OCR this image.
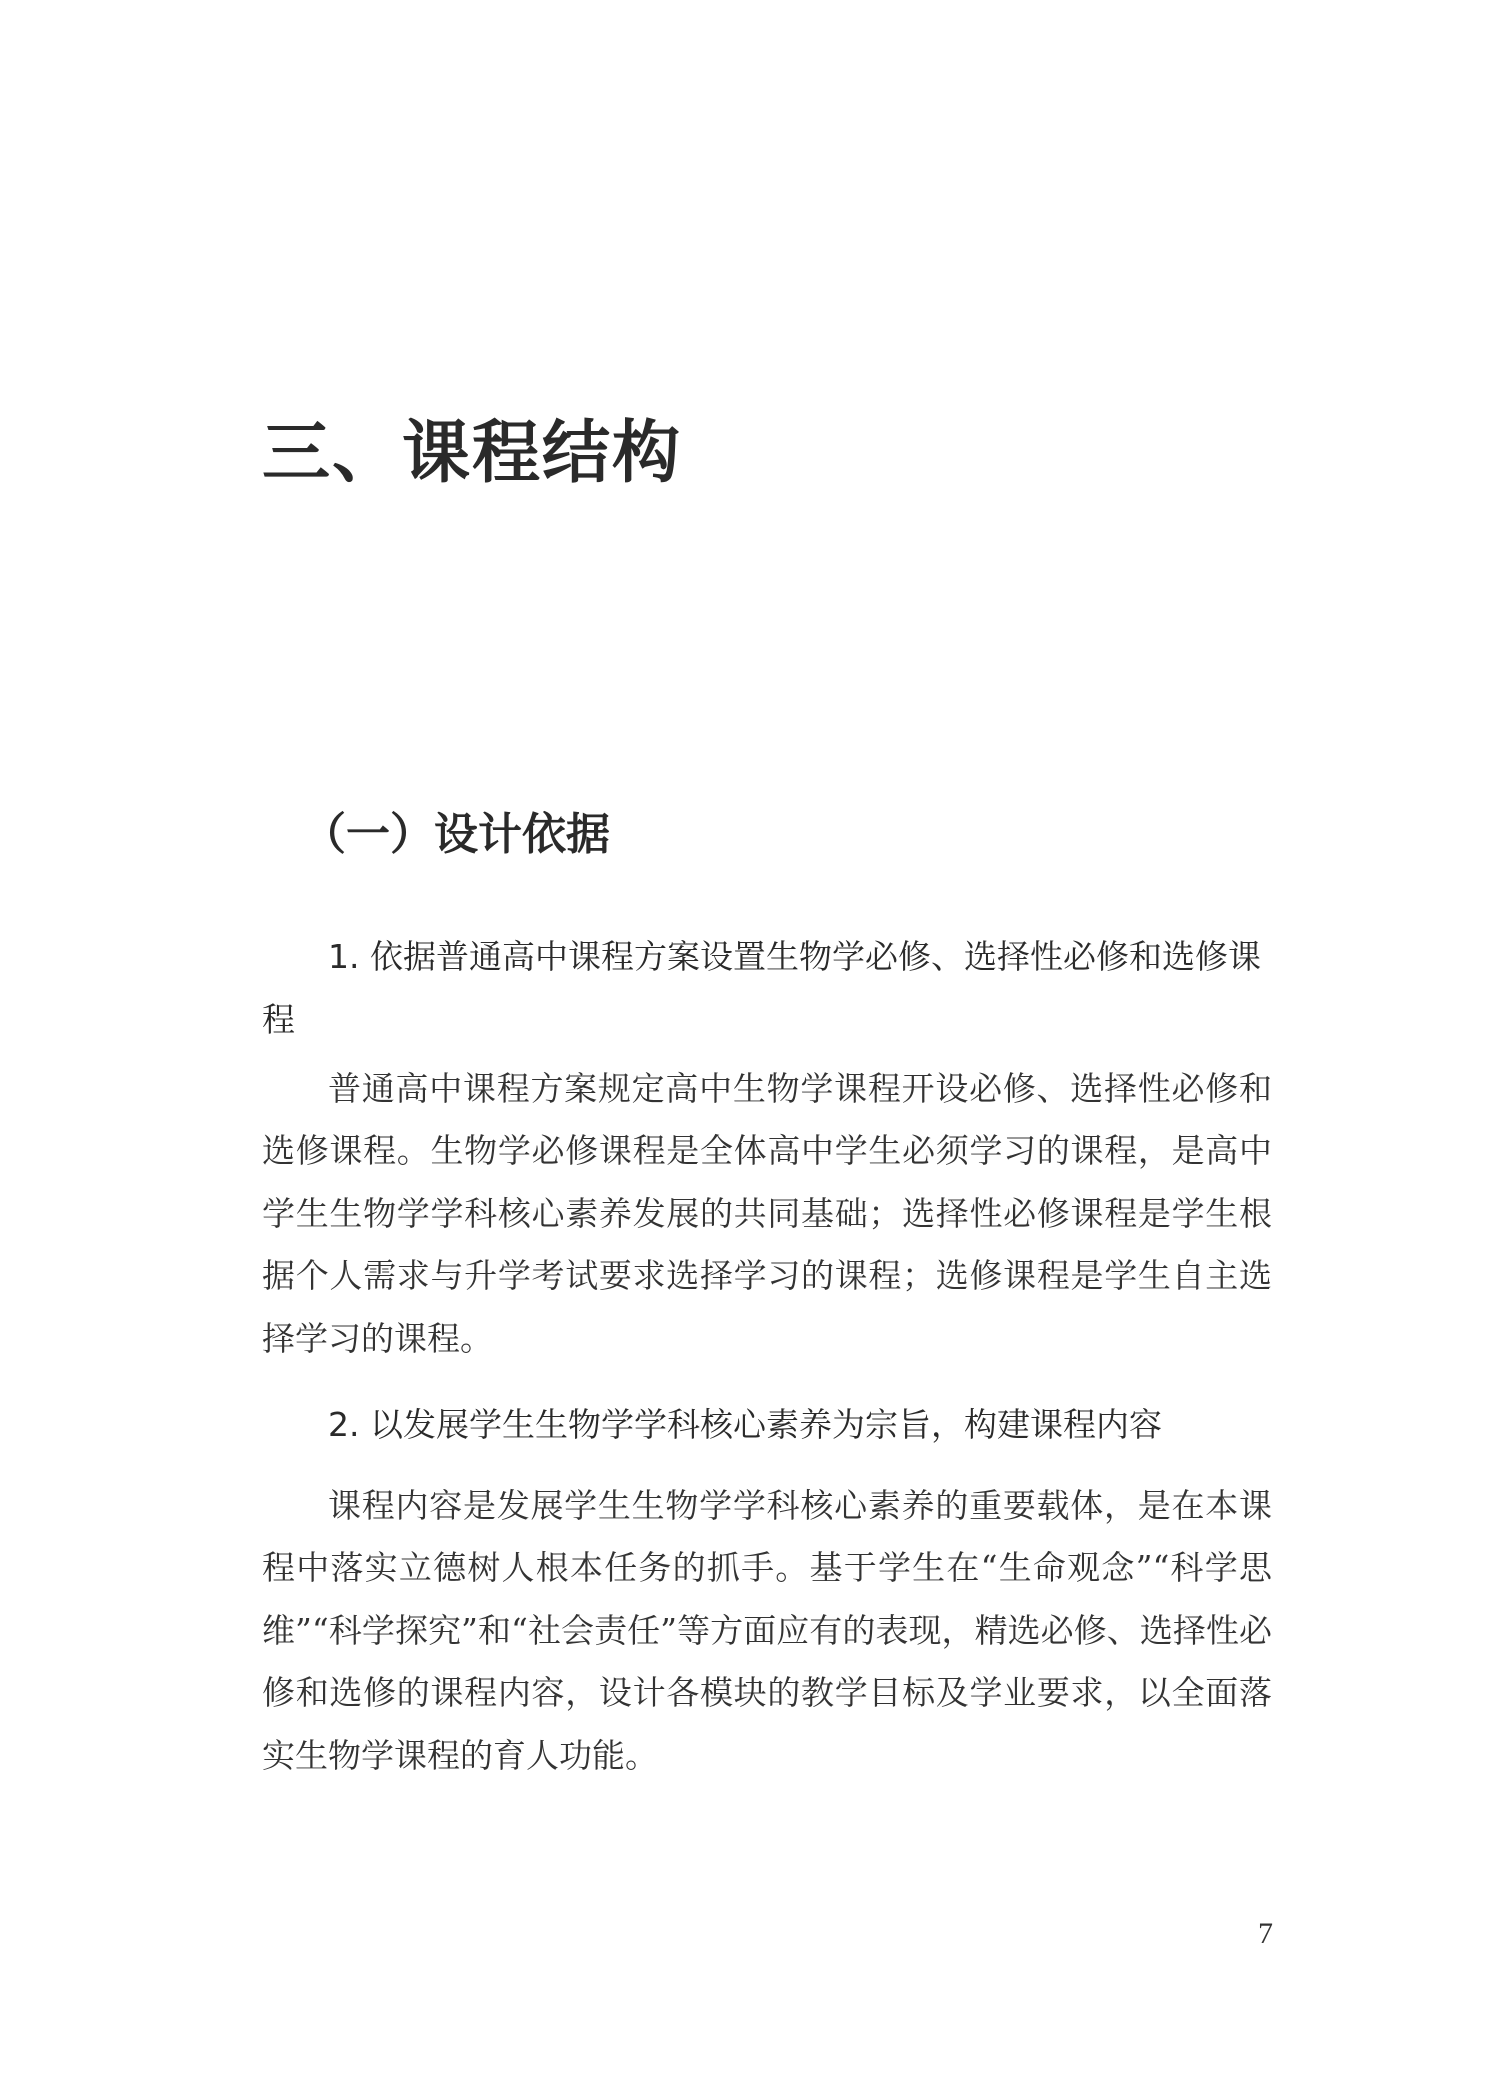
三、课程结构
（一）设计依据
1. 依据普通高中课程方案设置生物学必修、选择性必修和选修课程

普通高中课程方案规定高中生物学课程开设必修、选择性必修和选修课程。生物学必修课程是全体高中学生必须学习的课程，是高中学生生物学学科核心素养发展的共同基础；选择性必修课程是学生根据个人需求与升学考试要求选择学习的课程；选修课程是学生自主选择学习的课程。

2. 以发展学生生物学学科核心素养为宗旨，构建课程内容

课程内容是发展学生生物学学科核心素养的重要载体，是在本课程中落实立德树人根本任务的抓手。基于学生在“生命观念”“科学思维”“科学探究”和“社会责任”等方面应有的表现，精选必修、选择性必修和选修的课程内容，设计各模块的教学目标及学业要求，以全面落实生物学课程的育人功能。

7
